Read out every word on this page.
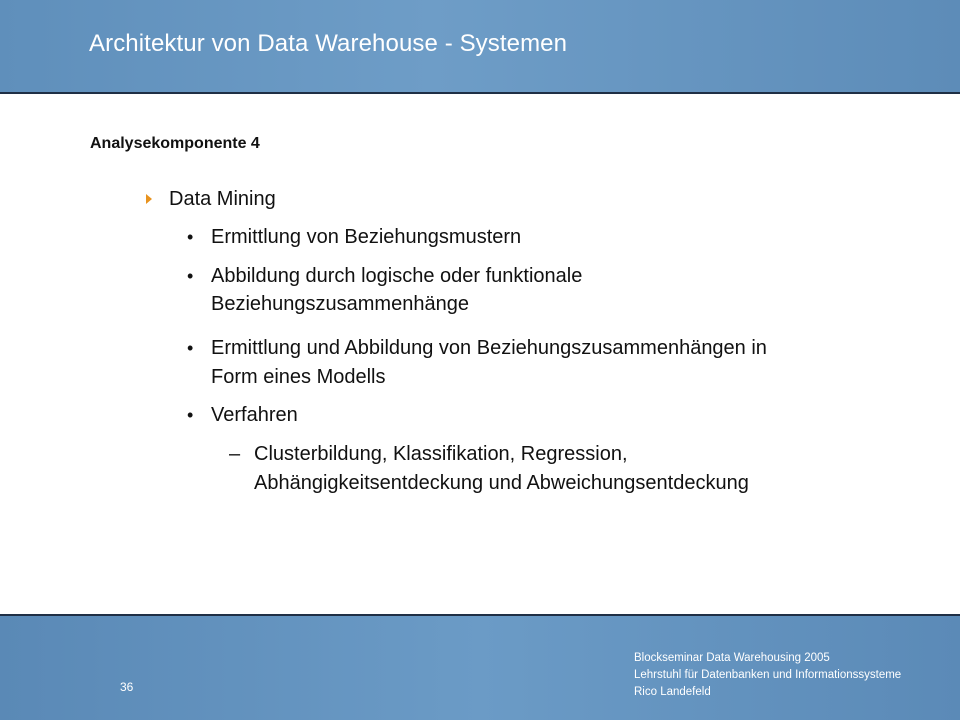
Architektur von Data Warehouse - Systemen
Analysekomponente 4
Data Mining
• Ermittlung von Beziehungsmustern
• Abbildung durch logische oder funktionale
Beziehungszusammenhänge
• Ermittlung und Abbildung von Beziehungszusammenhängen in
Form eines Modells
• Verfahren
– Clusterbildung, Klassifikation, Regression,
Abhängigkeitsentdeckung und Abweichungsentdeckung
36
Blockseminar Data Warehousing 2005
Lehrstuhl für Datenbanken und Informationssysteme
Rico Landefeld
